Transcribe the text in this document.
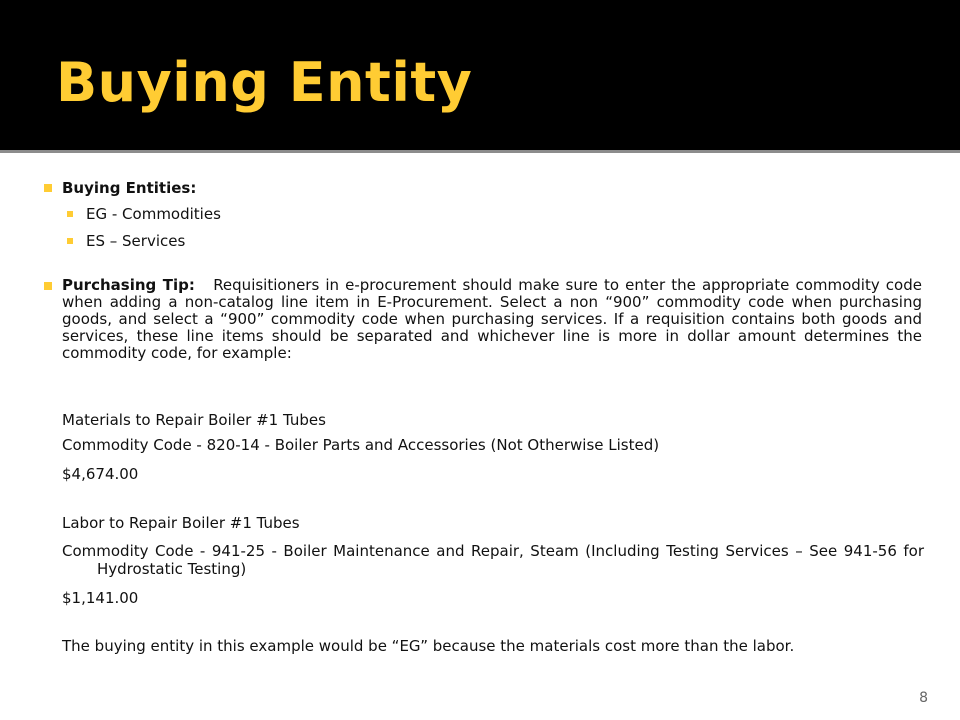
Buying Entity
Buying Entities:
EG - Commodities
ES – Services
Purchasing Tip: Requisitioners in e-procurement should make sure to enter the appropriate commodity code when adding a non-catalog line item in E-Procurement. Select a non “900” commodity code when purchasing goods, and select a “900” commodity code when purchasing services. If a requisition contains both goods and services, these line items should be separated and whichever line is more in dollar amount determines the commodity code, for example:
Materials to Repair Boiler #1 Tubes
Commodity Code - 820-14 - Boiler Parts and Accessories (Not Otherwise Listed)
$4,674.00
Labor to Repair Boiler #1 Tubes
Commodity Code - 941-25 - Boiler Maintenance and Repair, Steam (Including Testing Services – See 941-56 for Hydrostatic Testing)
$1,141.00
The buying entity in this example would be “EG” because the materials cost more than the labor.
8
